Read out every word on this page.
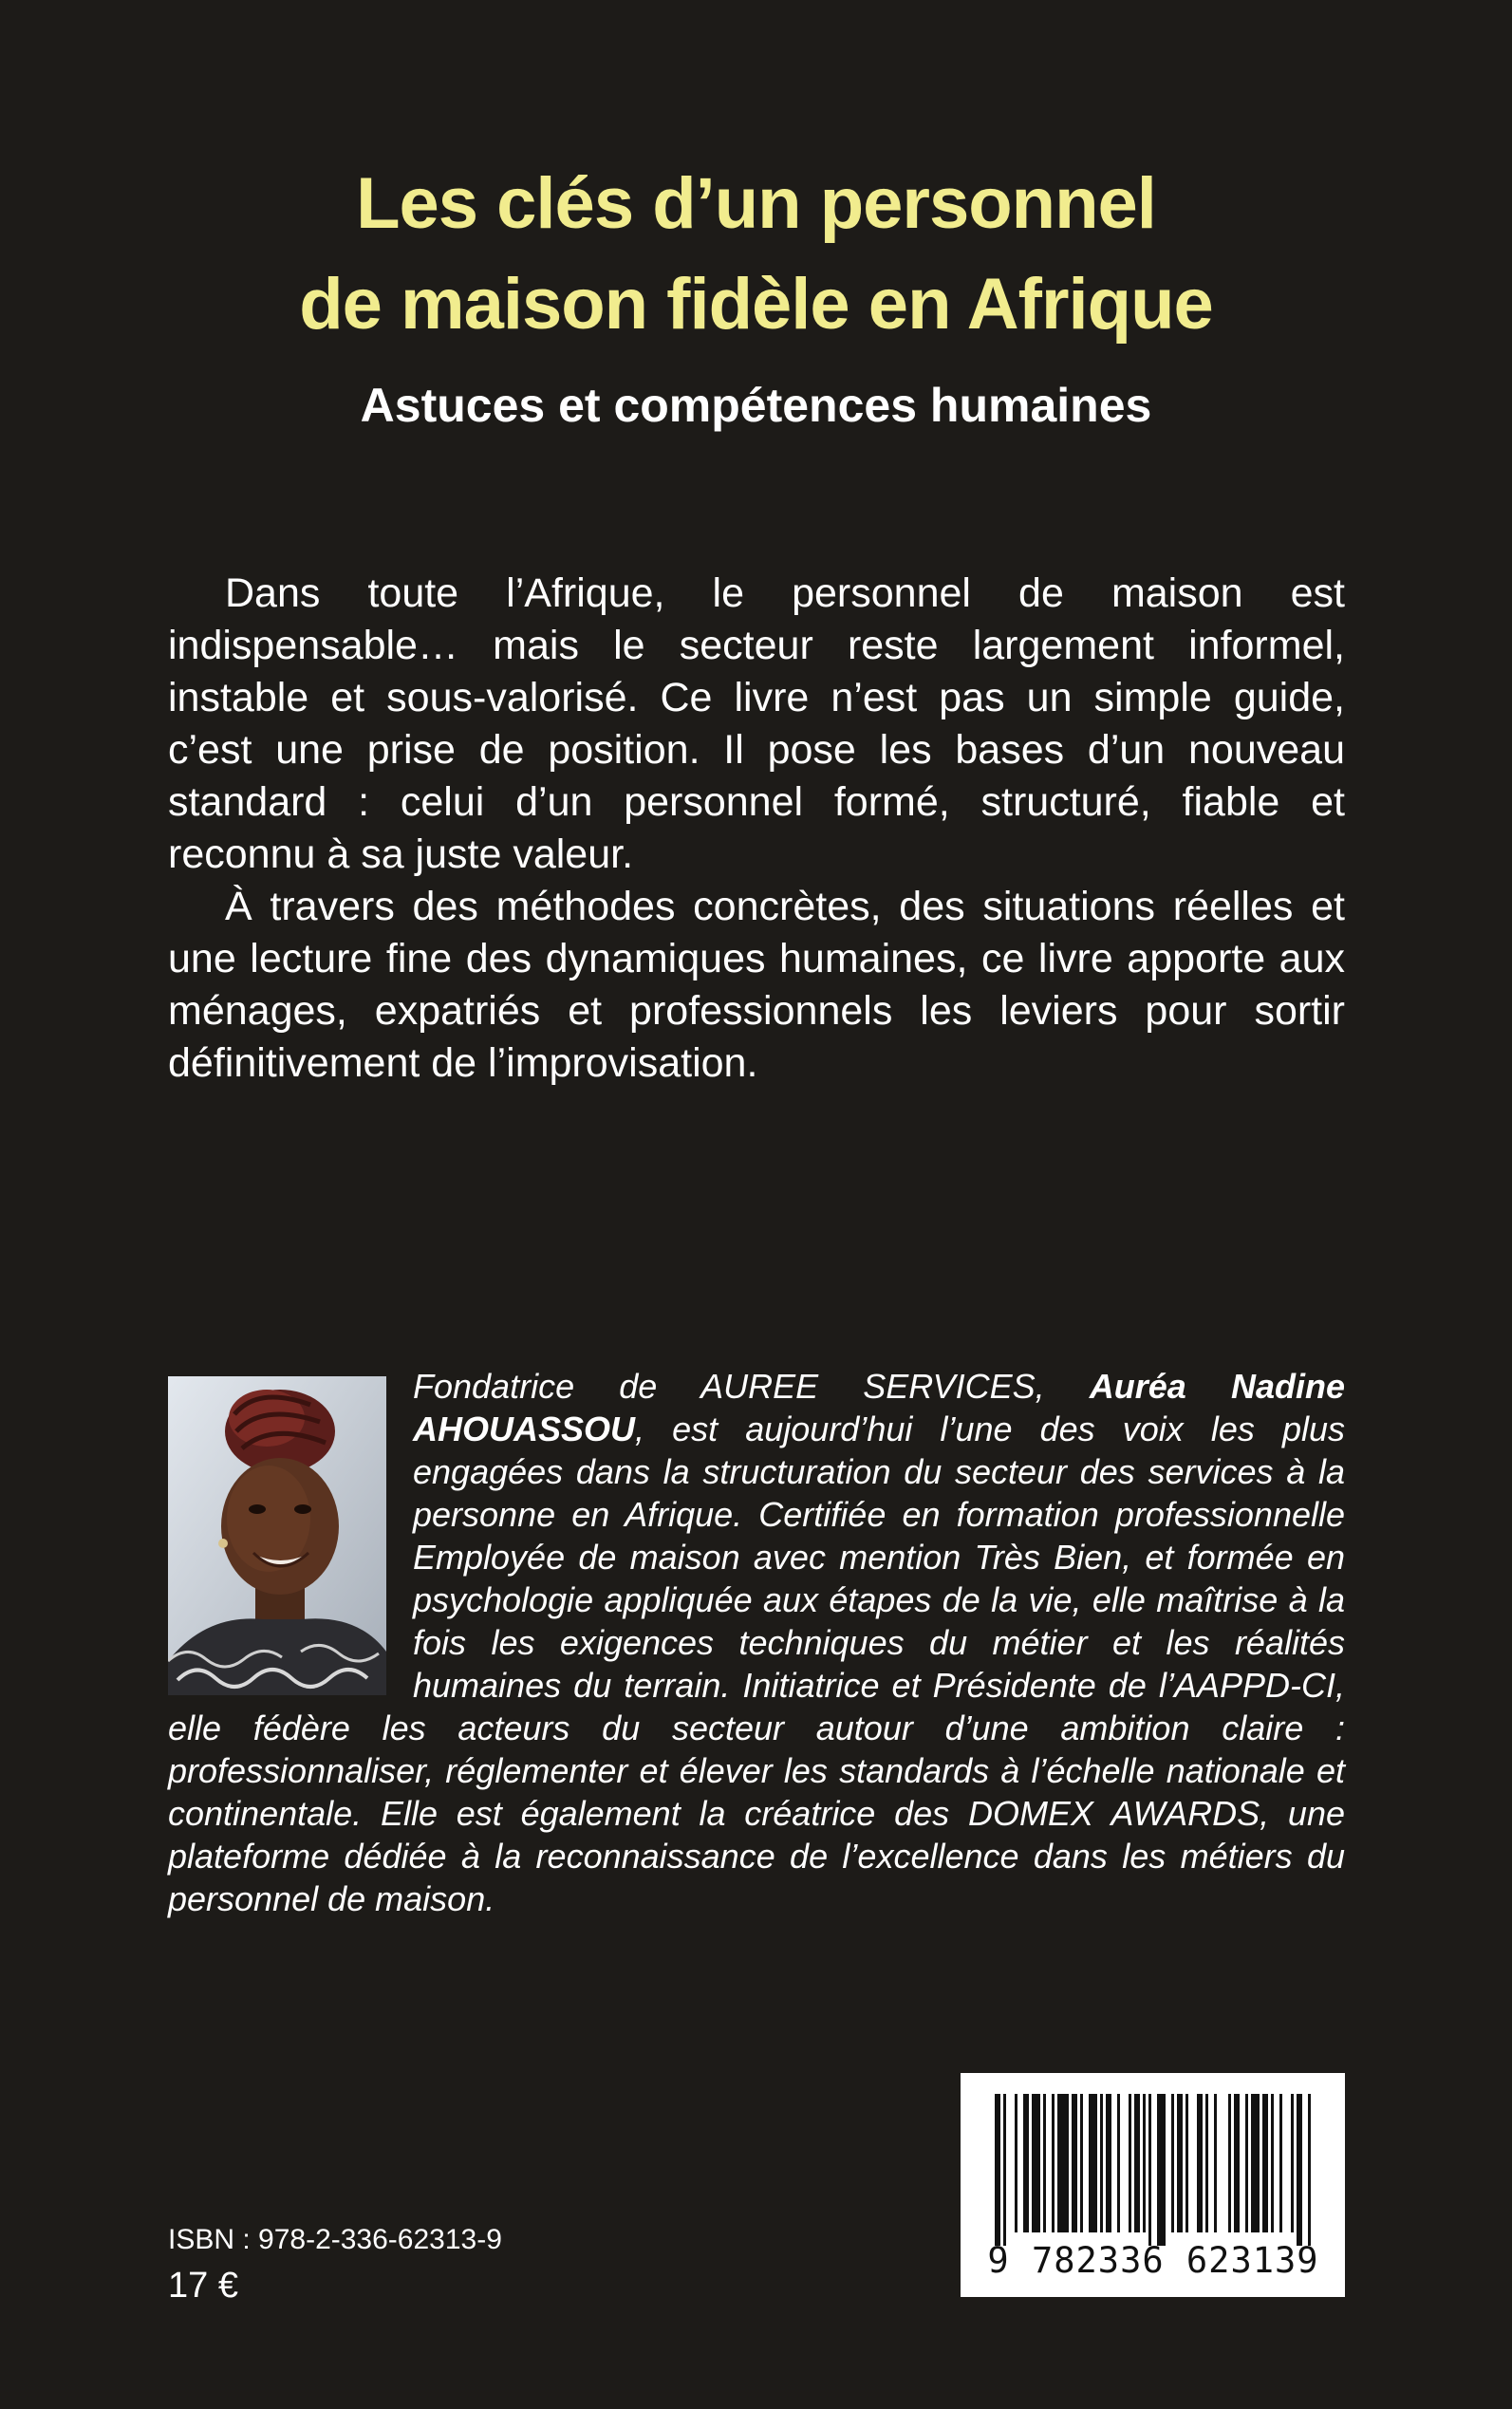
Les clés d’un personnel
de maison fidèle en Afrique
Astuces et compétences humaines

Dans toute l’Afrique, le personnel de maison est indispensable… mais le secteur reste largement informel, instable et sous-valorisé. Ce livre n’est pas un simple guide, c’est une prise de position. Il pose les bases d’un nouveau standard : celui d’un personnel formé, structuré, fiable et reconnu à sa juste valeur.

À travers des méthodes concrètes, des situations réelles et une lecture fine des dynamiques humaines, ce livre apporte aux ménages, expatriés et professionnels les leviers pour sortir définitivement de l’improvisation.

Fondatrice de AUREE SERVICES, Auréa Nadine AHOUASSOU, est aujourd’hui l’une des voix les plus engagées dans la structuration du secteur des services à la personne en Afrique. Certifiée en formation professionnelle Employée de maison avec mention Très Bien, et formée en psychologie appliquée aux étapes de la vie, elle maîtrise à la fois les exigences techniques du métier et les réalités humaines du terrain. Initiatrice et Présidente de l’AAPPD-CI, elle fédère les acteurs du secteur autour d’une ambition claire : professionnaliser, réglementer et élever les standards à l’échelle nationale et continentale. Elle est également la créatrice des DOMEX AWARDS, une plateforme dédiée à la reconnaissance de l’excellence dans les métiers du personnel de maison.

ISBN : 978-2-336-62313-9

17 €

9 782336 623139
